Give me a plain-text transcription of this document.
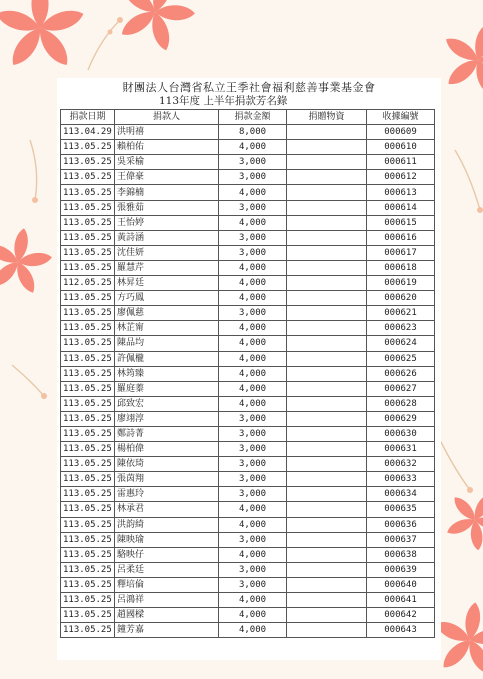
財團法人台灣省私立王季社會福利慈善事業基金會
113年度 上半年捐款芳名錄
捐款日期	捐款人	捐款金額	捐贈物資	收據編號
113.04.29	洪明禧	8,000		000609
113.05.25	賴柏佑	4,000		000610
113.05.25	吳采榆	3,000		000611
113.05.25	王偉豪	3,000		000612
113.05.25	李錦楠	4,000		000613
113.05.25	張雅茹	3,000		000614
113.05.25	王怡婷	4,000		000615
113.05.25	黃詩涵	3,000		000616
113.05.25	沈佳妍	3,000		000617
113.05.25	羅慧芹	4,000		000618
112.05.25	林昇廷	4,000		000619
113.05.25	方巧鳳	4,000		000620
113.05.25	廖佩慈	3,000		000621
113.05.25	林芷甯	4,000		000623
113.05.25	陳品均	4,000		000624
113.05.25	許佩櫳	4,000		000625
113.05.25	林筠臻	4,000		000626
113.05.25	羅庭蓁	4,000		000627
113.05.25	邱致宏	4,000		000628
113.05.25	廖翊淳	3,000		000629
113.05.25	鄭詩菁	3,000		000630
113.05.25	楊柏偉	3,000		000631
113.05.25	陳依琦	3,000		000632
113.05.25	張茵翔	3,000		000633
113.05.25	雷惠玲	3,000		000634
113.05.25	林承君	4,000		000635
113.05.25	洪韵綺	4,000		000636
113.05.25	陳映瑜	3,000		000637
113.05.25	駱映仔	4,000		000638
113.05.25	呂柔廷	3,000		000639
113.05.25	釋培倫	3,000		000640
113.05.25	呂鴻祥	4,000		000641
113.05.25	趙國樑	4,000		000642
113.05.25	鐘芳嘉	4,000		000643
